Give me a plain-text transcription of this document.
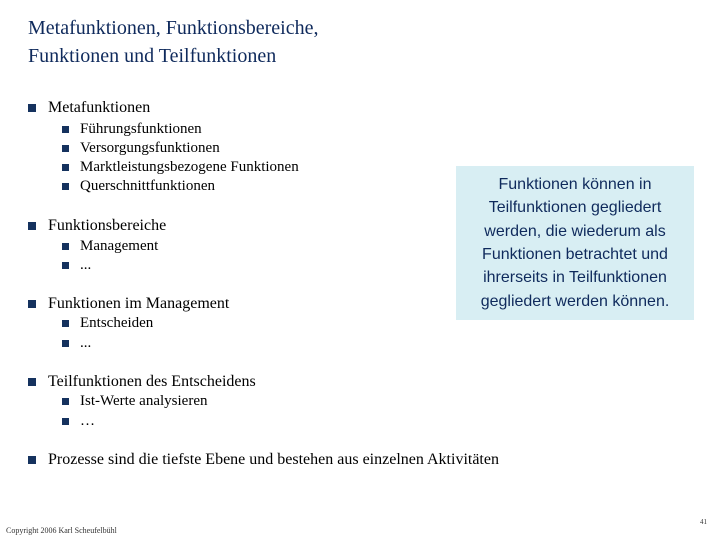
Metafunktionen, Funktionsbereiche,
Funktionen und Teilfunktionen
Metafunktionen
Führungsfunktionen
Versorgungsfunktionen
Marktleistungsbezogene Funktionen
Querschnittfunktionen
Funktionsbereiche
Management
...
Funktionen im Management
Entscheiden
...
Teilfunktionen des Entscheidens
Ist-Werte analysieren
…
Prozesse sind die tiefste Ebene und bestehen aus einzelnen Aktivitäten
Funktionen können in Teilfunktionen gegliedert werden, die wiederum als Funktionen betrachtet und ihrerseits in Teilfunktionen gegliedert werden können.
Copyright 2006 Karl Scheufelbühl
41
